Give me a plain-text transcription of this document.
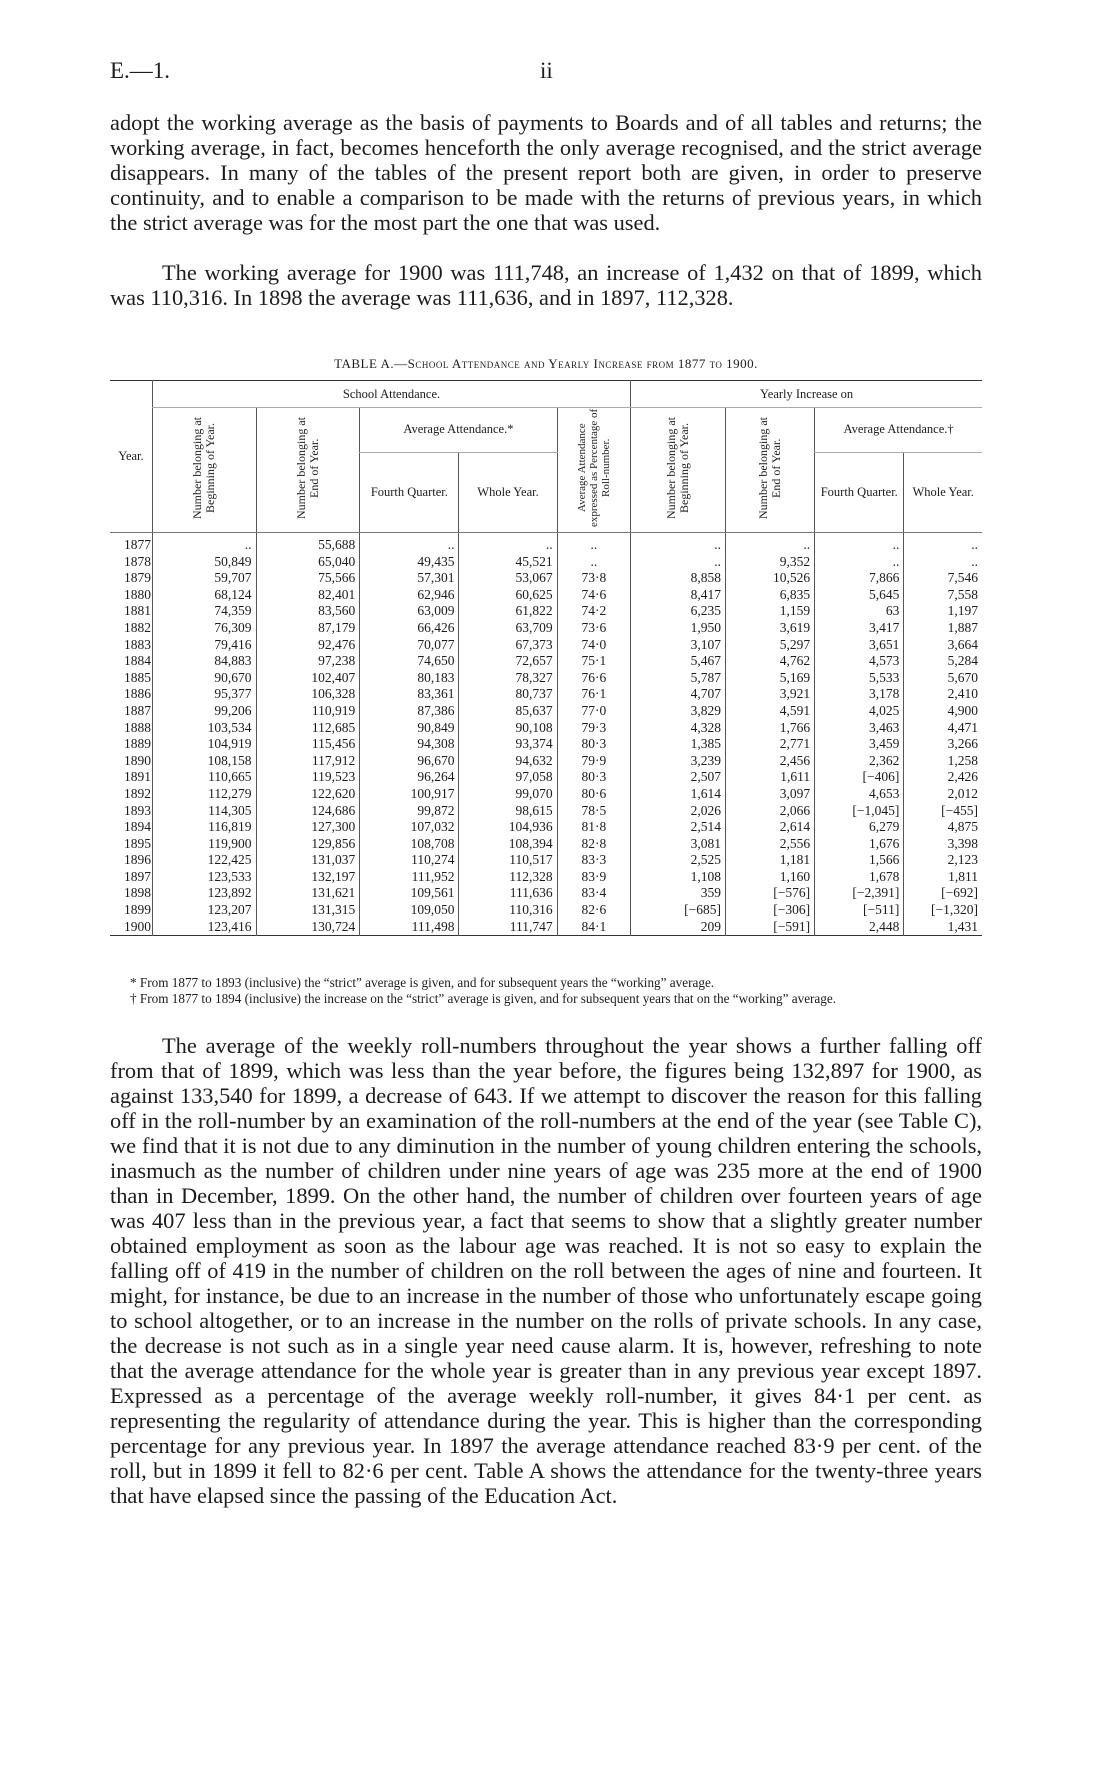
E.—1.	ii

adopt the working average as the basis of payments to Boards and of all tables and returns; the working average, in fact, becomes henceforth the only average recognised, and the strict average disappears. In many of the tables of the present report both are given, in order to preserve continuity, and to enable a comparison to be made with the returns of previous years, in which the strict average was for the most part the one that was used.

The working average for 1900 was 111,748, an increase of 1,432 on that of 1899, which was 110,316. In 1898 the average was 111,636, and in 1897, 112,328.

TABLE A.—School Attendance and Yearly Increase from 1877 to 1900.
Year.	School Attendance.					Yearly Increase on			
	Number belonging at Beginning of Year.	Number belonging at End of Year.	Average Attendance.*		Average Attendance expressed as Percentage of Roll-number.	Number belonging at Beginning of Year.	Number belonging at End of Year.	Average Attendance.†	
			Fourth Quarter.	Whole Year.				Fourth Quarter.	Whole Year.
1877	..	55,688	..	..	..	..	..	..	..
1878	50,849	65,040	49,435	45,521	..	..	9,352	..	..
1879	59,707	75,566	57,301	53,067	73·8	8,858	10,526	7,866	7,546
1880	68,124	82,401	62,946	60,625	74·6	8,417	6,835	5,645	7,558
1881	74,359	83,560	63,009	61,822	74·2	6,235	1,159	63	1,197
1882	76,309	87,179	66,426	63,709	73·6	1,950	3,619	3,417	1,887
1883	79,416	92,476	70,077	67,373	74·0	3,107	5,297	3,651	3,664
1884	84,883	97,238	74,650	72,657	75·1	5,467	4,762	4,573	5,284
1885	90,670	102,407	80,183	78,327	76·6	5,787	5,169	5,533	5,670
1886	95,377	106,328	83,361	80,737	76·1	4,707	3,921	3,178	2,410
1887	99,206	110,919	87,386	85,637	77·0	3,829	4,591	4,025	4,900
1888	103,534	112,685	90,849	90,108	79·3	4,328	1,766	3,463	4,471
1889	104,919	115,456	94,308	93,374	80·3	1,385	2,771	3,459	3,266
1890	108,158	117,912	96,670	94,632	79·9	3,239	2,456	2,362	1,258
1891	110,665	119,523	96,264	97,058	80·3	2,507	1,611	[−406]	2,426
1892	112,279	122,620	100,917	99,070	80·6	1,614	3,097	4,653	2,012
1893	114,305	124,686	99,872	98,615	78·5	2,026	2,066	[−1,045]	[−455]
1894	116,819	127,300	107,032	104,936	81·8	2,514	2,614	6,279	4,875
1895	119,900	129,856	108,708	108,394	82·8	3,081	2,556	1,676	3,398
1896	122,425	131,037	110,274	110,517	83·3	2,525	1,181	1,566	2,123
1897	123,533	132,197	111,952	112,328	83·9	1,108	1,160	1,678	1,811
1898	123,892	131,621	109,561	111,636	83·4	359	[−576]	[−2,391]	[−692]
1899	123,207	131,315	109,050	110,316	82·6	[−685]	[−306]	[−511]	[−1,320]
1900	123,416	130,724	111,498	111,747	84·1	209	[−591]	2,448	1,431
* From 1877 to 1893 (inclusive) the “strict” average is given, and for subsequent years the “working” average.
† From 1877 to 1894 (inclusive) the increase on the “strict” average is given, and for subsequent years that on the “working” average.

The average of the weekly roll-numbers throughout the year shows a further falling off from that of 1899, which was less than the year before, the figures being 132,897 for 1900, as against 133,540 for 1899, a decrease of 643. If we attempt to discover the reason for this falling off in the roll-number by an examination of the roll-numbers at the end of the year (see Table C), we find that it is not due to any diminution in the number of young children entering the schools, inasmuch as the number of children under nine years of age was 235 more at the end of 1900 than in December, 1899. On the other hand, the number of children over fourteen years of age was 407 less than in the previous year, a fact that seems to show that a slightly greater number obtained employment as soon as the labour age was reached. It is not so easy to explain the falling off of 419 in the number of children on the roll between the ages of nine and fourteen. It might, for instance, be due to an increase in the number of those who unfortunately escape going to school altogether, or to an increase in the number on the rolls of private schools. In any case, the decrease is not such as in a single year need cause alarm. It is, however, refreshing to note that the average attendance for the whole year is greater than in any previous year except 1897. Expressed as a percentage of the average weekly roll-number, it gives 84·1 per cent. as representing the regularity of attendance during the year. This is higher than the corresponding percentage for any previous year. In 1897 the average attendance reached 83·9 per cent. of the roll, but in 1899 it fell to 82·6 per cent. Table A shows the attendance for the twenty-three years that have elapsed since the passing of the Education Act.
